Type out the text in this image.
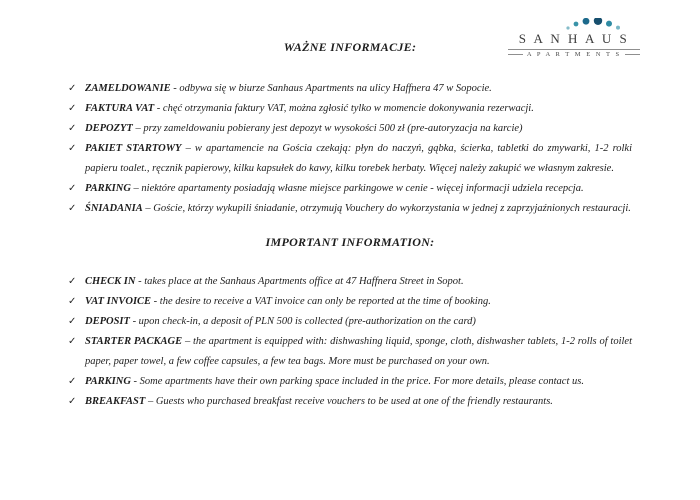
S A N H A U S
A P A R T M E N T S
WAŻNE INFORMACJE:
✓ ZAMELDOWANIE - odbywa się w biurze Sanhaus Apartments na ulicy Haffnera 47 w Sopocie.
✓ FAKTURA VAT - chęć otrzymania faktury VAT, można zgłosić tylko w momencie dokonywania rezerwacji.
✓ DEPOZYT – przy zameldowaniu pobierany jest depozyt w wysokości 500 zł (pre-autoryzacja na karcie)
✓ PAKIET STARTOWY – w apartamencie na Gościa czekają: płyn do naczyń, gąbka, ścierka, tabletki do zmywarki, 1-2 rolki papieru toalet., ręcznik papierowy, kilku kapsułek do kawy, kilku torebek herbaty. Więcej należy zakupić we własnym zakresie.
✓ PARKING – niektóre apartamenty posiadają własne miejsce parkingowe w cenie - więcej informacji udziela recepcja.
✓ ŚNIADANIA – Goście, którzy wykupili śniadanie, otrzymują Vouchery do wykorzystania w jednej z zaprzyjaźnionych restauracji.
IMPORTANT INFORMATION:
✓ CHECK IN - takes place at the Sanhaus Apartments office at 47 Haffnera Street in Sopot.
✓ VAT INVOICE - the desire to receive a VAT invoice can only be reported at the time of booking.
✓ DEPOSIT - upon check-in, a deposit of PLN 500 is collected (pre-authorization on the card)
✓ STARTER PACKAGE – the apartment is equipped with: dishwashing liquid, sponge, cloth, dishwasher tablets, 1-2 rolls of toilet paper, paper towel, a few coffee capsules, a few tea bags. More must be purchased on your own.
✓ PARKING - Some apartments have their own parking space included in the price. For more details, please contact us.
✓ BREAKFAST – Guests who purchased breakfast receive vouchers to be used at one of the friendly restaurants.
